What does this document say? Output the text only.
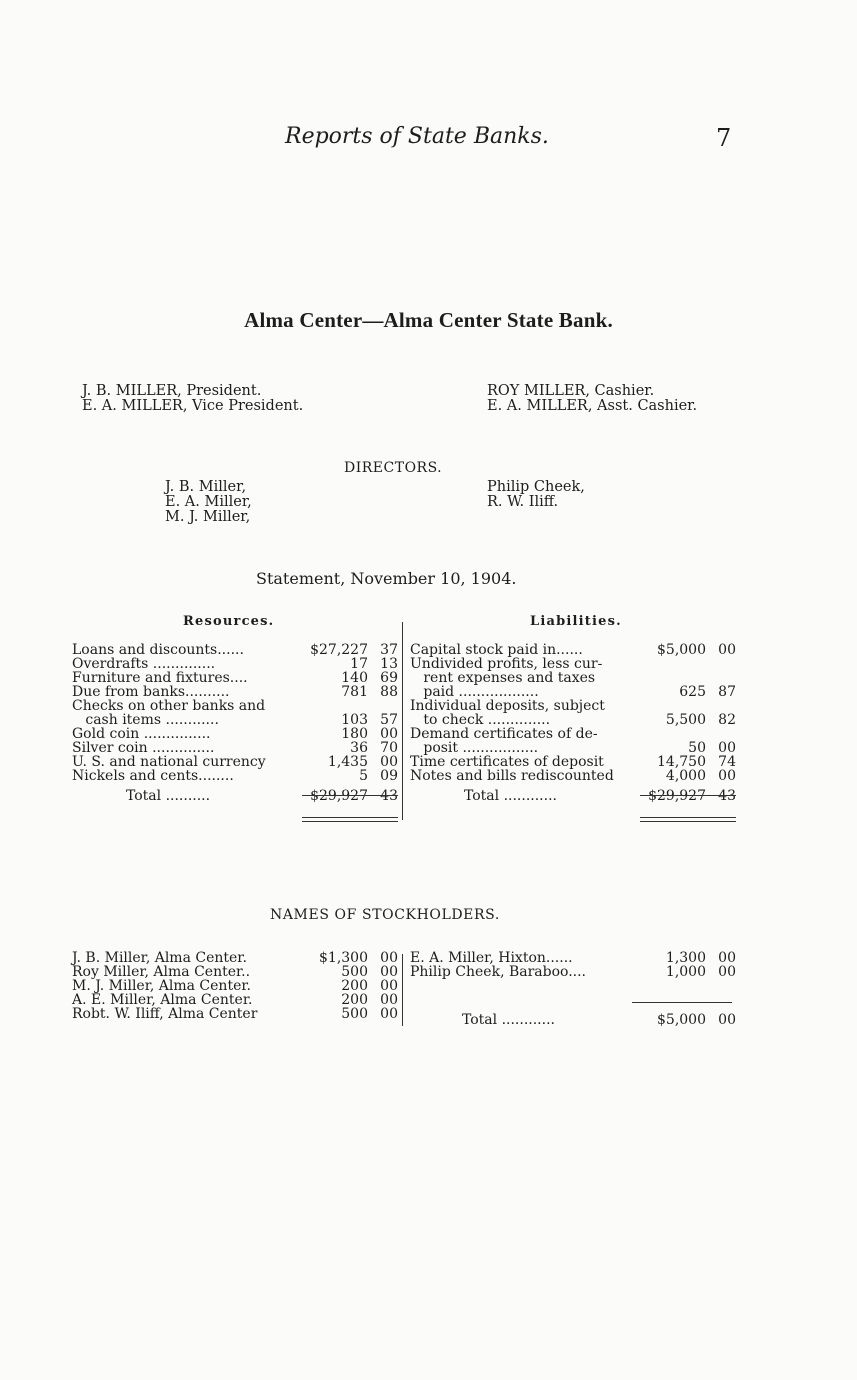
Reports of State Banks.	7
Alma Center—Alma Center State Bank.
J. B. MILLER, President.
E. A. MILLER, Vice President.
ROY MILLER, Cashier.
E. A. MILLER, Asst. Cashier.
DIRECTORS.
J. B. Miller,
E. A. Miller,
M. J. Miller,
Philip Cheek,
R. W. Iliff.
Statement, November 10, 1904.
Resources.	Liabilities.
Loans and discounts......	$27,227	37
Overdrafts ..............	17	13
Furniture and fixtures....	140	69
Due from banks..........	781	88
Checks on other banks and		
cash items ............	103	57
Gold coin ...............	180	00
Silver coin ..............	36	70
U. S. and national currency	1,435	00
Nickels and cents........	5	09
Total ..........	$29,927	43
Capital stock paid in......	$5,000	00
Undivided profits, less cur-		
rent expenses and taxes		
paid ..................	625	87
Individual deposits, subject		
to check ..............	5,500	82
Demand certificates of de-		
posit .................	50	00
Time certificates of deposit	14,750	74
Notes and bills rediscounted	4,000	00
Total ............	$29,927	43
NAMES OF STOCKHOLDERS.
J. B. Miller, Alma Center.	$1,300	00
Roy Miller, Alma Center..	500	00
M. J. Miller, Alma Center.	200	00
A. E. Miller, Alma Center.	200	00
Robt. W. Iliff, Alma Center	500	00
E. A. Miller, Hixton......	1,300	00
Philip Cheek, Baraboo....	1,000	00

Total ............	$5,000	00
